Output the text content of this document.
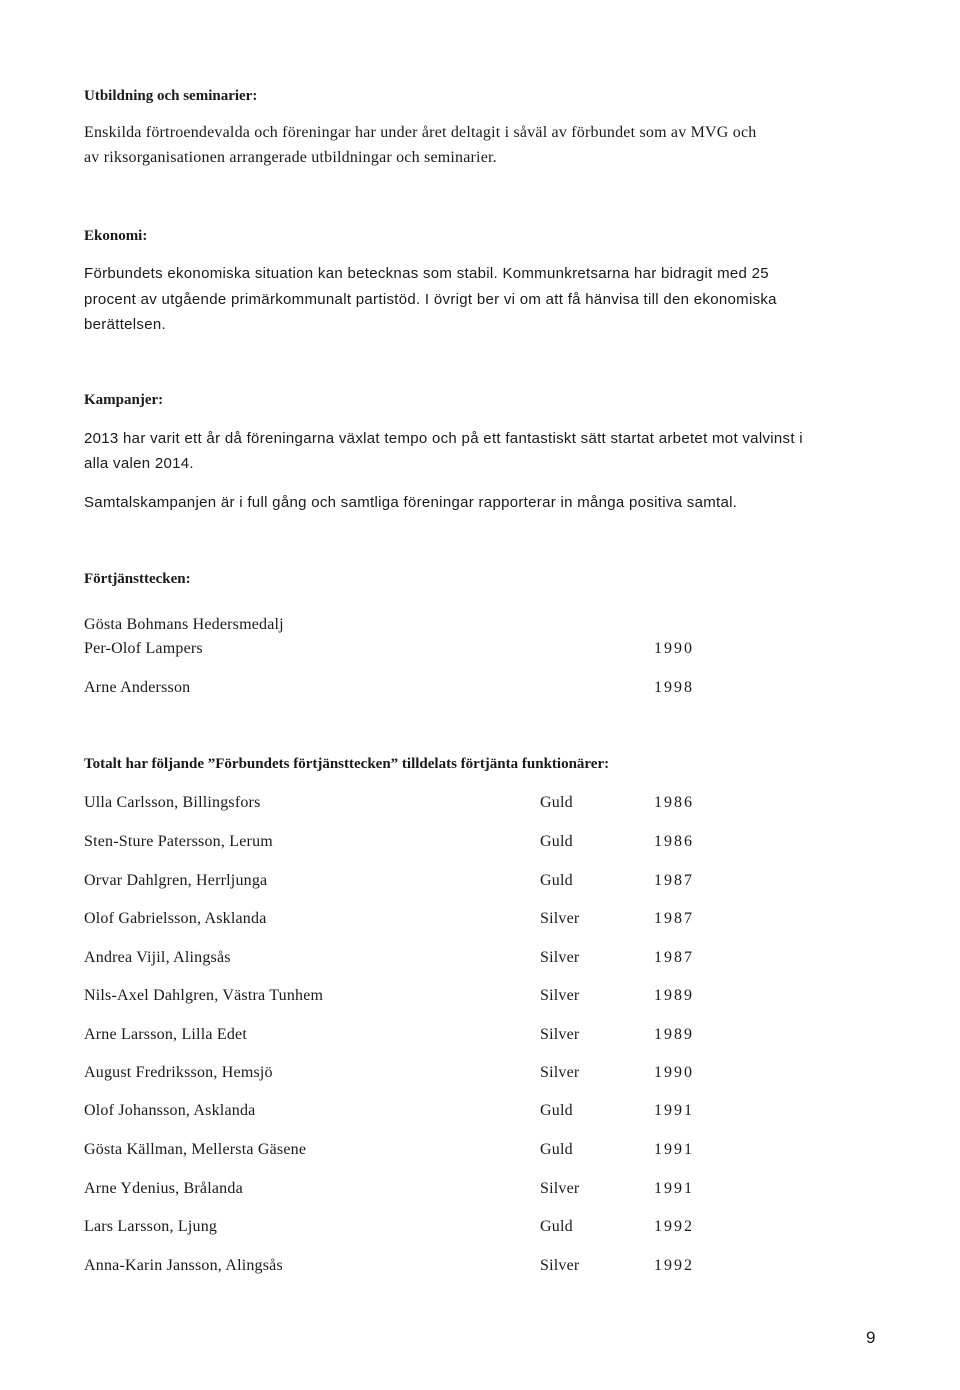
Utbildning och seminarier:
Enskilda förtroendevalda och föreningar har under året deltagit i såväl av förbundet som av MVG och
av riksorganisationen arrangerade utbildningar och seminarier.
Ekonomi:
Förbundets ekonomiska situation kan betecknas som stabil. Kommunkretsarna har bidragit med 25
procent av utgående primärkommunalt partistöd. I övrigt ber vi om att få hänvisa till den ekonomiska
berättelsen.
Kampanjer:
2013 har varit ett år då föreningarna växlat tempo och på ett fantastiskt sätt startat arbetet mot valvinst i
alla valen 2014.
Samtalskampanjen är i full gång och samtliga föreningar rapporterar in många positiva samtal.
Förtjänsttecken:
Gösta Bohmans Hedersmedalj
Per-Olof Lampers	1990
Arne Andersson	1998
Totalt har följande ”Förbundets förtjänsttecken” tilldelats förtjänta funktionärer:
Ulla Carlsson, Billingsfors	Guld	1986
Sten-Sture Patersson, Lerum	Guld	1986
Orvar Dahlgren, Herrljunga	Guld	1987
Olof Gabrielsson, Asklanda	Silver	1987
Andrea Vijil, Alingsås	Silver	1987
Nils-Axel Dahlgren, Västra Tunhem	Silver	1989
Arne Larsson, Lilla Edet	Silver	1989
August Fredriksson, Hemsjö	Silver	1990
Olof Johansson, Asklanda	Guld	1991
Gösta Källman, Mellersta Gäsene	Guld	1991
Arne Ydenius, Brålanda	Silver	1991
Lars Larsson, Ljung	Guld	1992
Anna-Karin Jansson, Alingsås	Silver	1992
9
